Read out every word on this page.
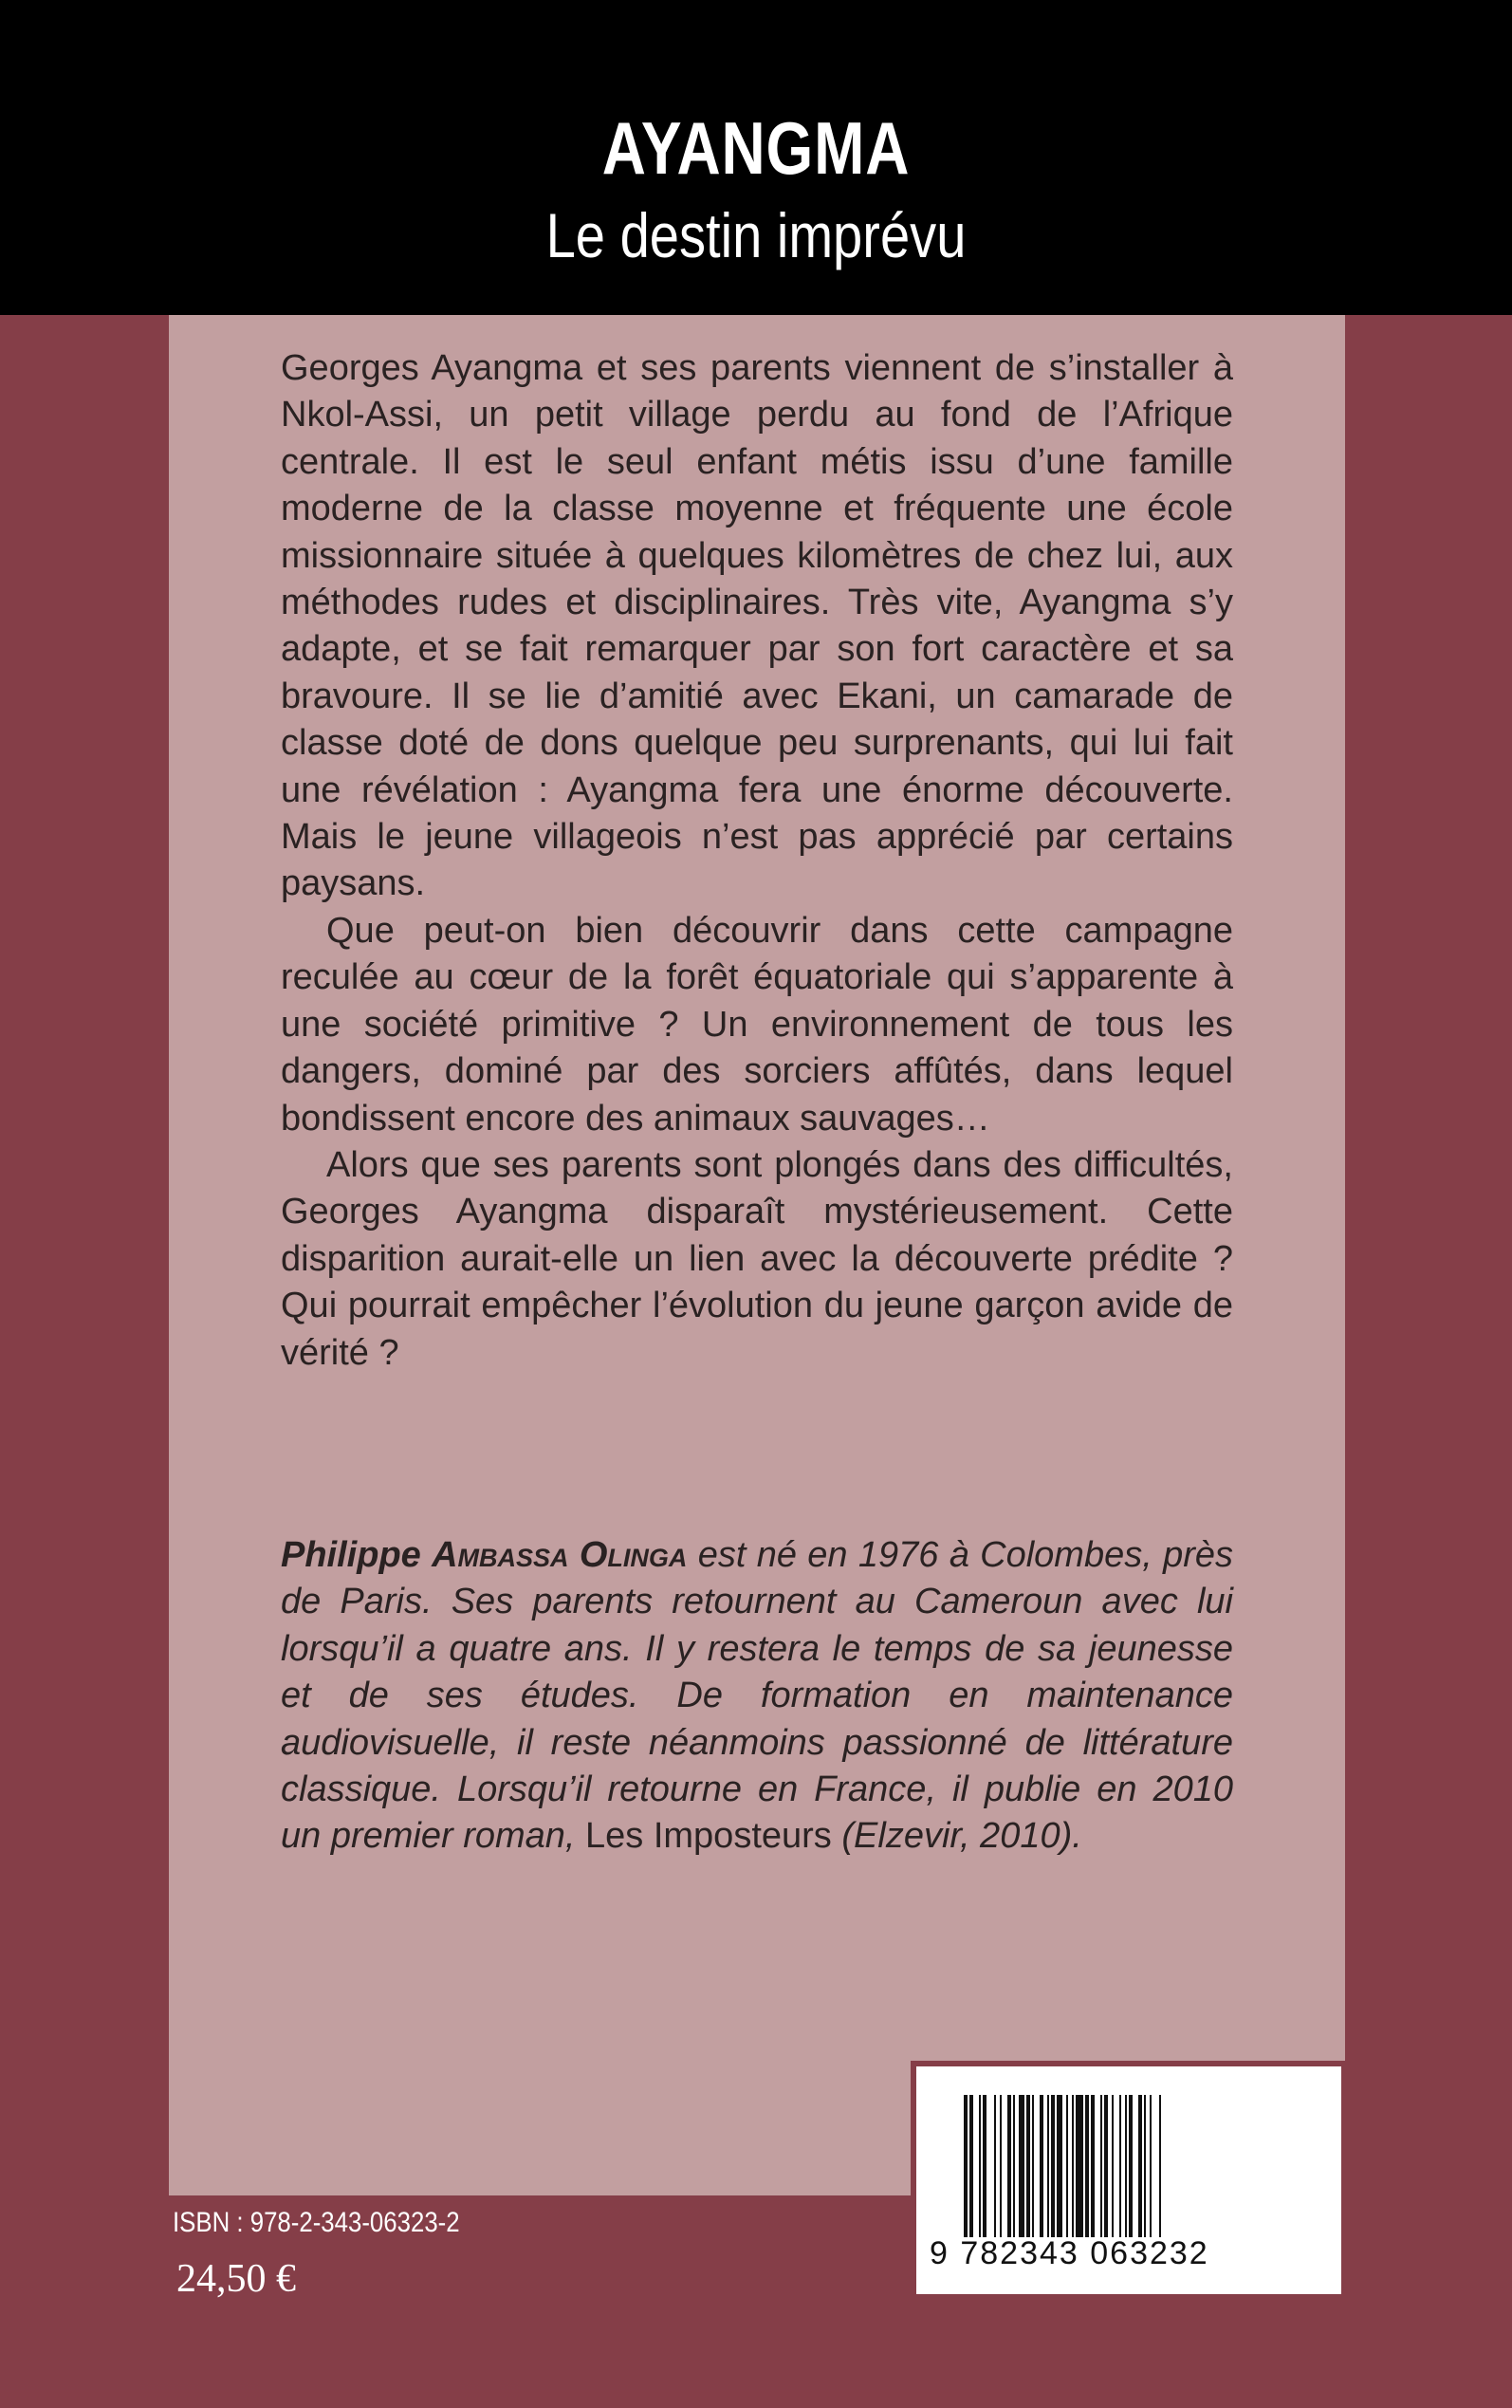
AYANGMA
Le destin imprévu

Georges Ayangma et ses parents viennent de s’installer à Nkol-Assi, un petit village perdu au fond de l’Afrique centrale. Il est le seul enfant métis issu d’une famille moderne de la classe moyenne et fréquente une école missionnaire située à quelques kilomètres de chez lui, aux méthodes rudes et disciplinaires. Très vite, Ayangma s’y adapte, et se fait remarquer par son fort caractère et sa bravoure. Il se lie d’amitié avec Ekani, un camarade de classe doté de dons quelque peu surprenants, qui lui fait une révélation : Ayangma fera une énorme découverte. Mais le jeune villageois n’est pas apprécié par certains paysans.

Que peut-on bien découvrir dans cette campagne reculée au cœur de la forêt équatoriale qui s’apparente à une société primitive ? Un environnement de tous les dangers, dominé par des sorciers affûtés, dans lequel bondissent encore des animaux sauvages…

Alors que ses parents sont plongés dans des difficultés, Georges Ayangma disparaît mystérieusement. Cette disparition aurait-elle un lien avec la découverte prédite ? Qui pourrait empêcher l’évolution du jeune garçon avide de vérité ?

Philippe Ambassa Olinga est né en 1976 à Colombes, près de Paris. Ses parents retournent au Cameroun avec lui lorsqu’il a quatre ans. Il y restera le temps de sa jeunesse et de ses études. De formation en maintenance audiovisuelle, il reste néanmoins passionné de littérature classique. Lorsqu’il retourne en France, il publie en 2010 un premier roman, Les Imposteurs (Elzevir, 2010).

9 782343 063232
ISBN : 978-2-343-06323-2
24,50 €
